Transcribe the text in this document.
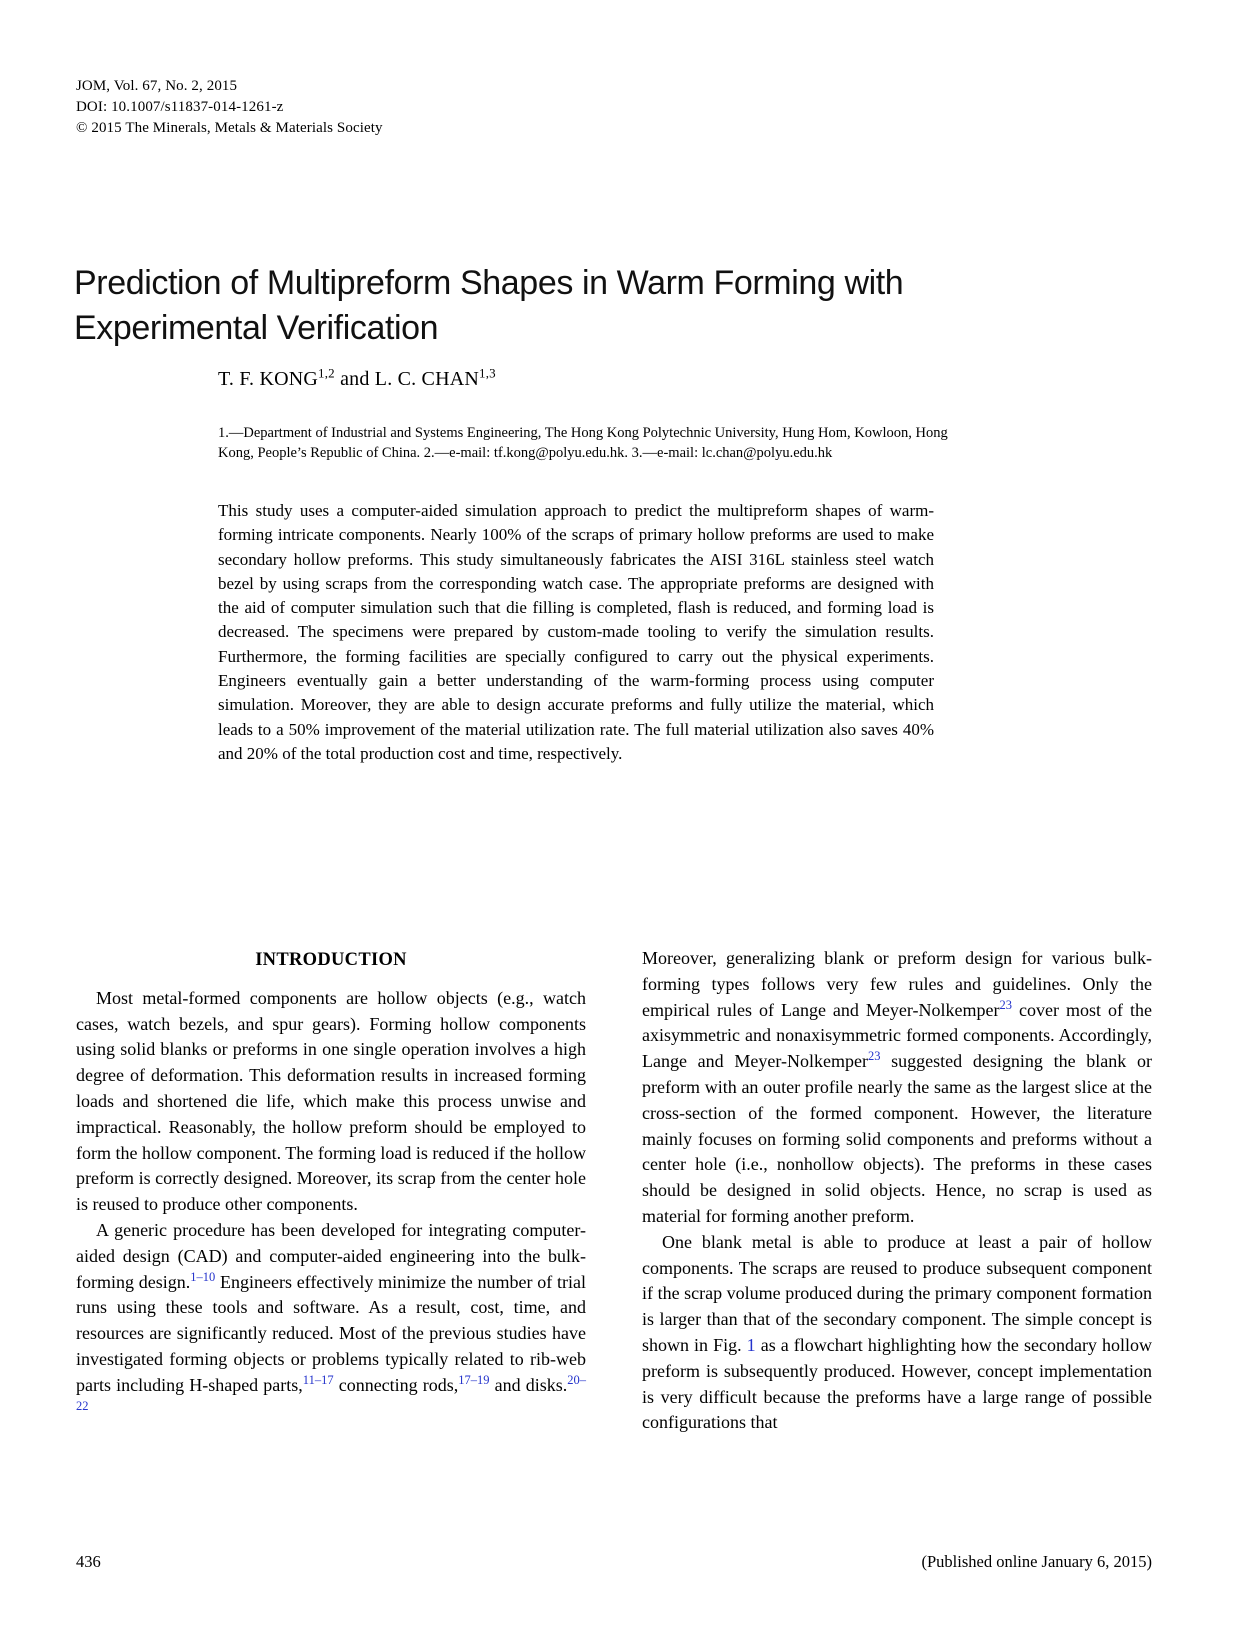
JOM, Vol. 67, No. 2, 2015
DOI: 10.1007/s11837-014-1261-z
© 2015 The Minerals, Metals & Materials Society
Prediction of Multipreform Shapes in Warm Forming with Experimental Verification
T. F. KONG$^{1,2}$ and L. C. CHAN$^{1,3}$
1.—Department of Industrial and Systems Engineering, The Hong Kong Polytechnic University, Hung Hom, Kowloon, Hong Kong, People’s Republic of China. 2.—e-mail: tf.kong@polyu.edu.hk. 3.—e-mail: lc.chan@polyu.edu.hk
This study uses a computer-aided simulation approach to predict the multipreform shapes of warm-forming intricate components. Nearly 100% of the scraps of primary hollow preforms are used to make secondary hollow preforms. This study simultaneously fabricates the AISI 316L stainless steel watch bezel by using scraps from the corresponding watch case. The appropriate preforms are designed with the aid of computer simulation such that die filling is completed, flash is reduced, and forming load is decreased. The specimens were prepared by custom-made tooling to verify the simulation results. Furthermore, the forming facilities are specially configured to carry out the physical experiments. Engineers eventually gain a better understanding of the warm-forming process using computer simulation. Moreover, they are able to design accurate preforms and fully utilize the material, which leads to a 50% improvement of the material utilization rate. The full material utilization also saves 40% and 20% of the total production cost and time, respectively.
INTRODUCTION

Most metal-formed components are hollow objects (e.g., watch cases, watch bezels, and spur gears). Forming hollow components using solid blanks or preforms in one single operation involves a high degree of deformation. This deformation results in increased forming loads and shortened die life, which make this process unwise and impractical. Reasonably, the hollow preform should be employed to form the hollow component. The forming load is reduced if the hollow preform is correctly designed. Moreover, its scrap from the center hole is reused to produce other components.

A generic procedure has been developed for integrating computer-aided design (CAD) and computer-aided engineering into the bulk-forming design.$^{1-10}$ Engineers effectively minimize the number of trial runs using these tools and software. As a result, cost, time, and resources are significantly reduced. Most of the previous studies have investigated forming objects or problems typically related to rib-web parts including H-shaped parts,$^{11-17}$ connecting rods,$^{17-19}$ and disks.$^{20-22}$

Moreover, generalizing blank or preform design for various bulk-forming types follows very few rules and guidelines. Only the empirical rules of Lange and Meyer-Nolkemper$^{23}$ cover most of the axisymmetric and nonaxisymmetric formed components. Accordingly, Lange and Meyer-Nolkemper$^{23}$ suggested designing the blank or preform with an outer profile nearly the same as the largest slice at the cross-section of the formed component. However, the literature mainly focuses on forming solid components and preforms without a center hole (i.e., nonhollow objects). The preforms in these cases should be designed in solid objects. Hence, no scrap is used as material for forming another preform.

One blank metal is able to produce at least a pair of hollow components. The scraps are reused to produce subsequent component if the scrap volume produced during the primary component formation is larger than that of the secondary component. The simple concept is shown in Fig. 1 as a flowchart highlighting how the secondary hollow preform is subsequently produced. However, concept implementation is very difficult because the preforms have a large range of possible configurations that

436	(Published online January 6, 2015)
